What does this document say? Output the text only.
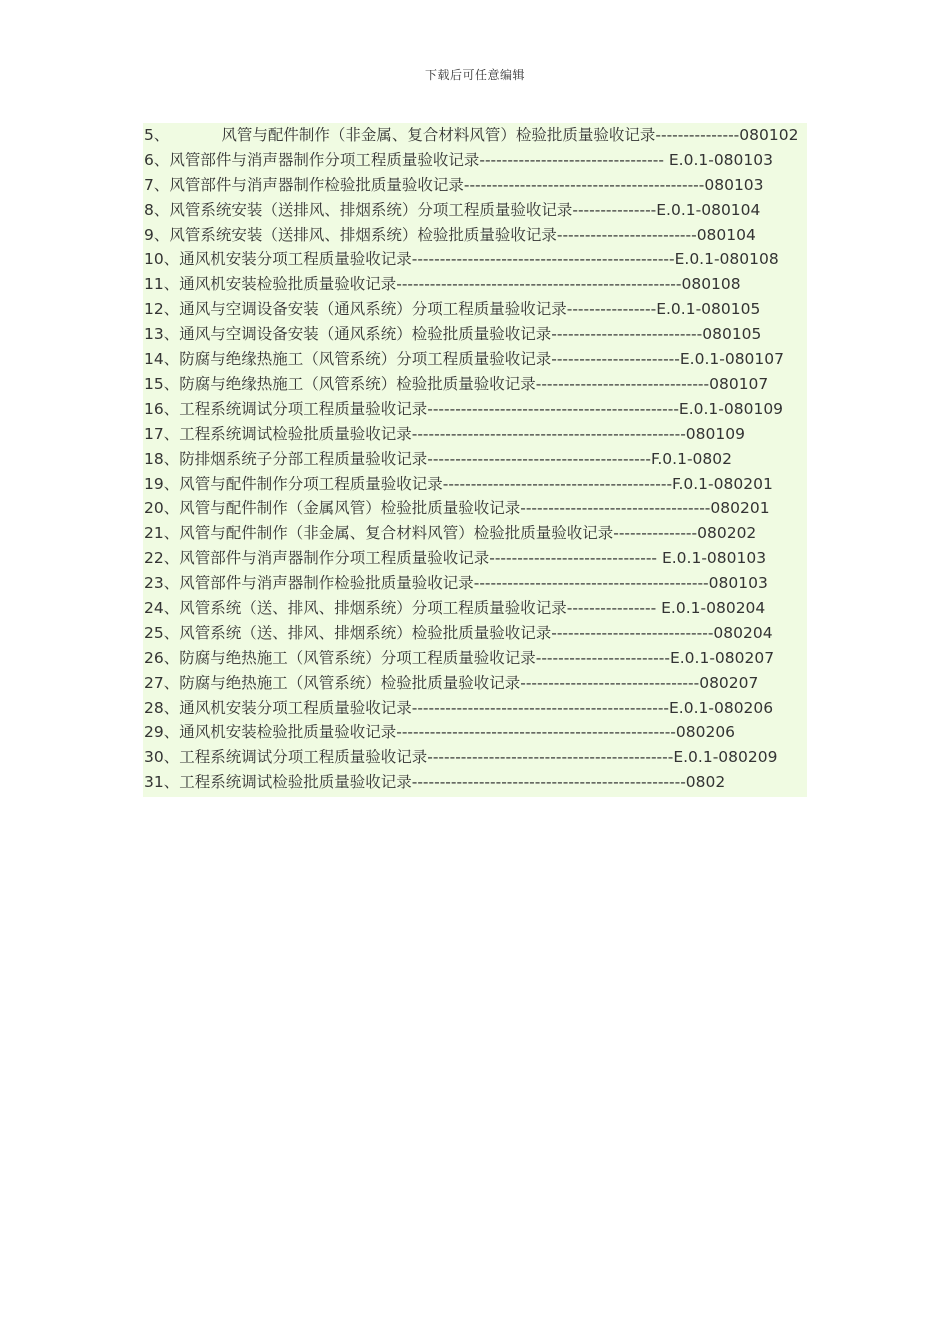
下载后可任意编辑
5、	风管与配件制作（非金属、复合材料风管）检验批质量验收记录---------------080102
6、风管部件与消声器制作分项工程质量验收记录--------------------------------- E.0.1-080103
7、风管部件与消声器制作检验批质量验收记录-------------------------------------------080103
8、风管系统安装（送排风、排烟系统）分项工程质量验收记录---------------E.0.1-080104
9、风管系统安装（送排风、排烟系统）检验批质量验收记录-------------------------080104
10、通风机安装分项工程质量验收记录-----------------------------------------------E.0.1-080108
11、通风机安装检验批质量验收记录---------------------------------------------------080108
12、通风与空调设备安装（通风系统）分项工程质量验收记录----------------E.0.1-080105
13、通风与空调设备安装（通风系统）检验批质量验收记录---------------------------080105
14、防腐与绝缘热施工（风管系统）分项工程质量验收记录-----------------------E.0.1-080107
15、防腐与绝缘热施工（风管系统）检验批质量验收记录-------------------------------080107
16、工程系统调试分项工程质量验收记录---------------------------------------------E.0.1-080109
17、工程系统调试检验批质量验收记录-------------------------------------------------080109
18、防排烟系统子分部工程质量验收记录----------------------------------------F.0.1-0802
19、风管与配件制作分项工程质量验收记录-----------------------------------------F.0.1-080201
20、风管与配件制作（金属风管）检验批质量验收记录----------------------------------080201
21、风管与配件制作（非金属、复合材料风管）检验批质量验收记录---------------080202
22、风管部件与消声器制作分项工程质量验收记录------------------------------ E.0.1-080103
23、风管部件与消声器制作检验批质量验收记录------------------------------------------080103
24、风管系统（送、排风、排烟系统）分项工程质量验收记录---------------- E.0.1-080204
25、风管系统（送、排风、排烟系统）检验批质量验收记录-----------------------------080204
26、防腐与绝热施工（风管系统）分项工程质量验收记录------------------------E.0.1-080207
27、防腐与绝热施工（风管系统）检验批质量验收记录--------------------------------080207
28、通风机安装分项工程质量验收记录----------------------------------------------E.0.1-080206
29、通风机安装检验批质量验收记录--------------------------------------------------080206
30、工程系统调试分项工程质量验收记录--------------------------------------------E.0.1-080209
31、工程系统调试检验批质量验收记录-------------------------------------------------0802
